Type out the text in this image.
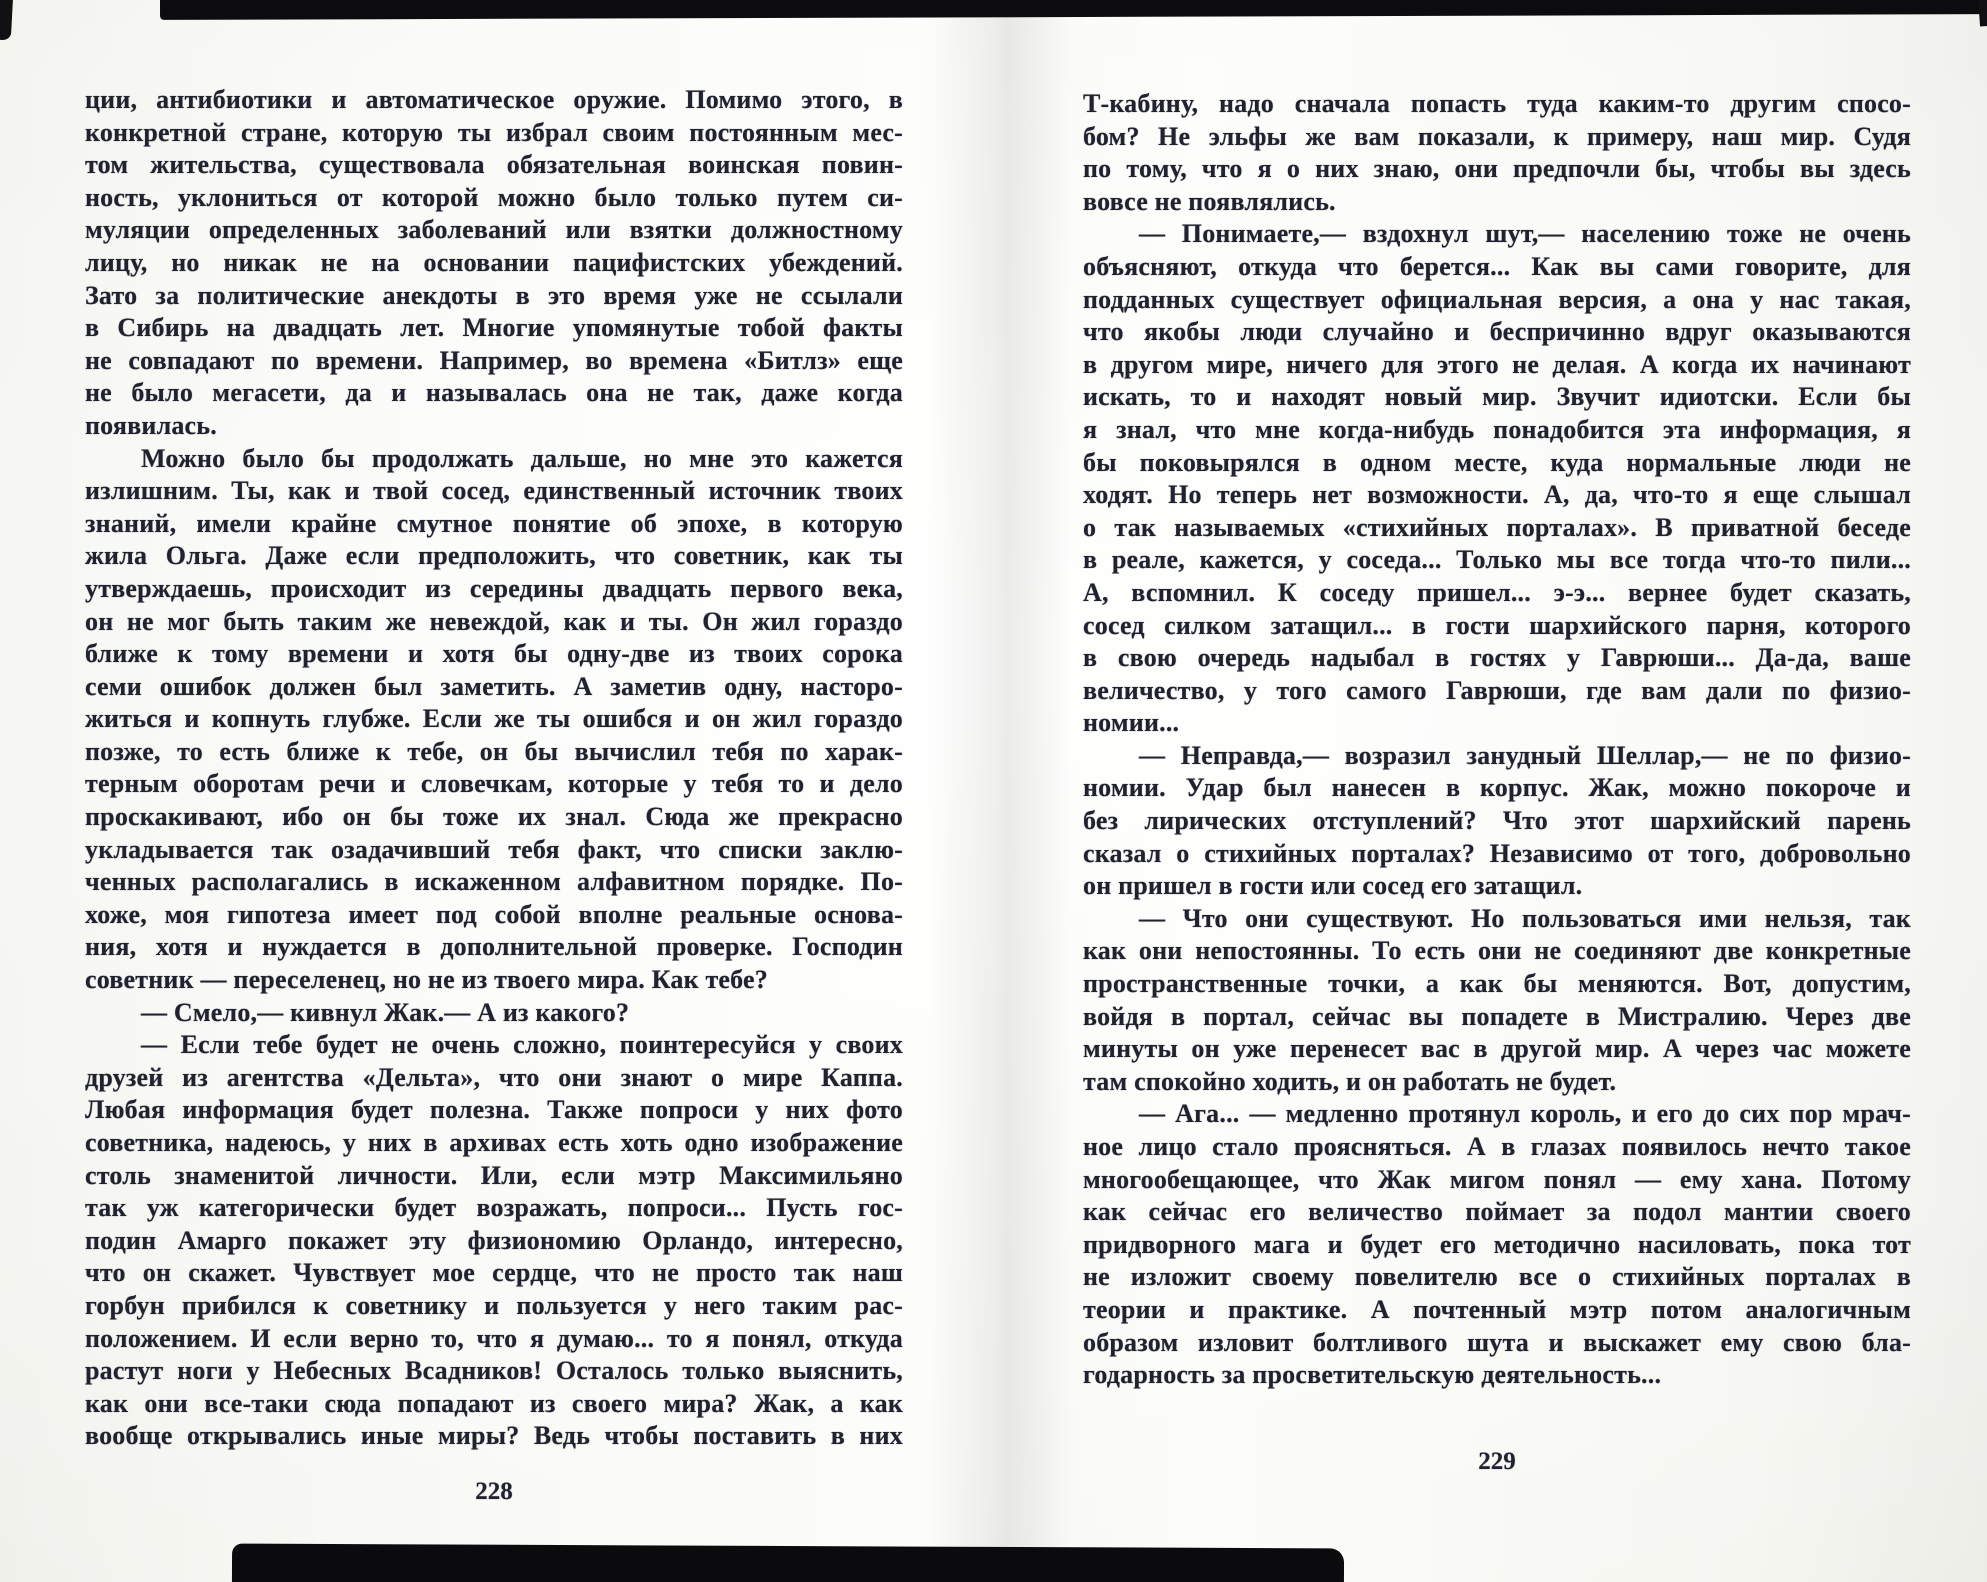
ции, антибиотики и автоматическое оружие. Помимо этого, в
конкретной стране, которую ты избрал своим постоянным мес-
том жительства, существовала обязательная воинская повин-
ность, уклониться от которой можно было только путем си-
муляции определенных заболеваний или взятки должностному
лицу, но никак не на основании пацифистских убеждений.
Зато за политические анекдоты в это время уже не ссылали
в Сибирь на двадцать лет. Многие упомянутые тобой факты
не совпадают по времени. Например, во времена «Битлз» еще
не было мегасети, да и называлась она не так, даже когда
появилась.
Можно было бы продолжать дальше, но мне это кажется
излишним. Ты, как и твой сосед, единственный источник твоих
знаний, имели крайне смутное понятие об эпохе, в которую
жила Ольга. Даже если предположить, что советник, как ты
утверждаешь, происходит из середины двадцать первого века,
он не мог быть таким же невеждой, как и ты. Он жил гораздо
ближе к тому времени и хотя бы одну-две из твоих сорока
семи ошибок должен был заметить. А заметив одну, насторо-
житься и копнуть глубже. Если же ты ошибся и он жил гораздо
позже, то есть ближе к тебе, он бы вычислил тебя по харак-
терным оборотам речи и словечкам, которые у тебя то и дело
проскакивают, ибо он бы тоже их знал. Сюда же прекрасно
укладывается так озадачивший тебя факт, что списки заклю-
ченных располагались в искаженном алфавитном порядке. По-
хоже, моя гипотеза имеет под собой вполне реальные основа-
ния, хотя и нуждается в дополнительной проверке. Господин
советник — переселенец, но не из твоего мира. Как тебе?
— Смело,— кивнул Жак.— А из какого?
— Если тебе будет не очень сложно, поинтересуйся у своих
друзей из агентства «Дельта», что они знают о мире Каппа.
Любая информация будет полезна. Также попроси у них фото
советника, надеюсь, у них в архивах есть хоть одно изображение
столь знаменитой личности. Или, если мэтр Максимильяно
так уж категорически будет возражать, попроси... Пусть гос-
подин Амарго покажет эту физиономию Орландо, интересно,
что он скажет. Чувствует мое сердце, что не просто так наш
горбун прибился к советнику и пользуется у него таким рас-
положением. И если верно то, что я думаю... то я понял, откуда
растут ноги у Небесных Всадников! Осталось только выяснить,
как они все-таки сюда попадают из своего мира? Жак, а как
вообще открывались иные миры? Ведь чтобы поставить в них
Т-кабину, надо сначала попасть туда каким-то другим спосо-
бом? Не эльфы же вам показали, к примеру, наш мир. Судя
по тому, что я о них знаю, они предпочли бы, чтобы вы здесь
вовсе не появлялись.
— Понимаете,— вздохнул шут,— населению тоже не очень
объясняют, откуда что берется... Как вы сами говорите, для
подданных существует официальная версия, а она у нас такая,
что якобы люди случайно и беспричинно вдруг оказываются
в другом мире, ничего для этого не делая. А когда их начинают
искать, то и находят новый мир. Звучит идиотски. Если бы
я знал, что мне когда-нибудь понадобится эта информация, я
бы поковырялся в одном месте, куда нормальные люди не
ходят. Но теперь нет возможности. А, да, что-то я еще слышал
о так называемых «стихийных порталах». В приватной беседе
в реале, кажется, у соседа... Только мы все тогда что-то пили...
А, вспомнил. К соседу пришел... э-э... вернее будет сказать,
сосед силком затащил... в гости шархийского парня, которого
в свою очередь надыбал в гостях у Гаврюши... Да-да, ваше
величество, у того самого Гаврюши, где вам дали по физио-
номии...
— Неправда,— возразил занудный Шеллар,— не по физио-
номии. Удар был нанесен в корпус. Жак, можно покороче и
без лирических отступлений? Что этот шархийский парень
сказал о стихийных порталах? Независимо от того, добровольно
он пришел в гости или сосед его затащил.
— Что они существуют. Но пользоваться ими нельзя, так
как они непостоянны. То есть они не соединяют две конкретные
пространственные точки, а как бы меняются. Вот, допустим,
войдя в портал, сейчас вы попадете в Мистралию. Через две
минуты он уже перенесет вас в другой мир. А через час можете
там спокойно ходить, и он работать не будет.
— Ага... — медленно протянул король, и его до сих пор мрач-
ное лицо стало проясняться. А в глазах появилось нечто такое
многообещающее, что Жак мигом понял — ему хана. Потому
как сейчас его величество поймает за подол мантии своего
придворного мага и будет его методично насиловать, пока тот
не изложит своему повелителю все о стихийных порталах в
теории и практике. А почтенный мэтр потом аналогичным
образом изловит болтливого шута и выскажет ему свою бла-
годарность за просветительскую деятельность...
228
229
